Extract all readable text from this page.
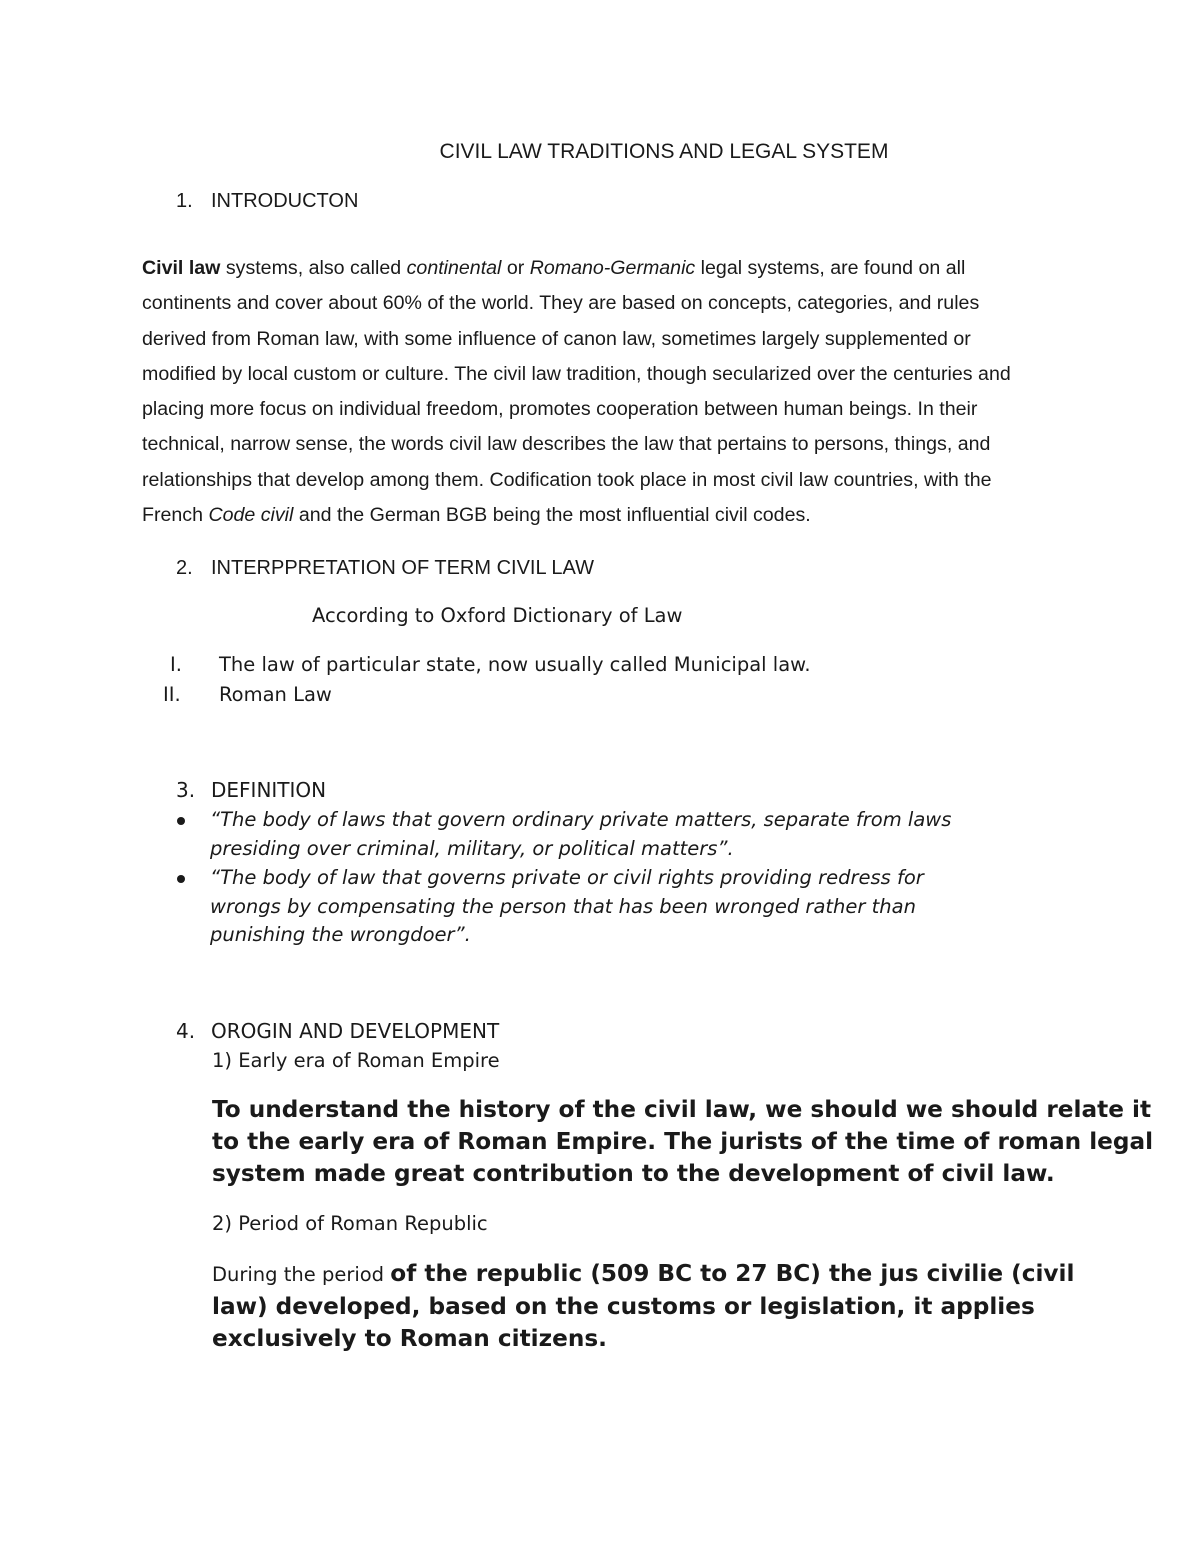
CIVIL LAW TRADITIONS AND LEGAL SYSTEM
1. INTRODUCTON
Civil law systems, also called continental or Romano-Germanic legal systems, are found on all
continents and cover about 60% of the world. They are based on concepts, categories, and rules
derived from Roman law, with some influence of canon law, sometimes largely supplemented or
modified by local custom or culture. The civil law tradition, though secularized over the centuries and
placing more focus on individual freedom, promotes cooperation between human beings. In their
technical, narrow sense, the words civil law describes the law that pertains to persons, things, and
relationships that develop among them. Codification took place in most civil law countries, with the
French Code civil and the German BGB being the most influential civil codes.
2. INTERPPRETATION OF TERM CIVIL LAW
According to Oxford Dictionary of Law
I. The law of particular state, now usually called Municipal law.
II. Roman Law
3. DEFINITION
“The body of laws that govern ordinary private matters, separate from laws
presiding over criminal, military, or political matters”.
“The body of law that governs private or civil rights providing redress for
wrongs by compensating the person that has been wronged rather than
punishing the wrongdoer”.
4. OROGIN AND DEVELOPMENT
1) Early era of Roman Empire
To understand the history of the civil law, we should we should relate it
to the early era of Roman Empire. The jurists of the time of roman legal
system made great contribution to the development of civil law.
2) Period of Roman Republic
During the period of the republic (509 BC to 27 BC) the jus civilie (civil
law) developed, based on the customs or legislation, it applies
exclusively to Roman citizens.
